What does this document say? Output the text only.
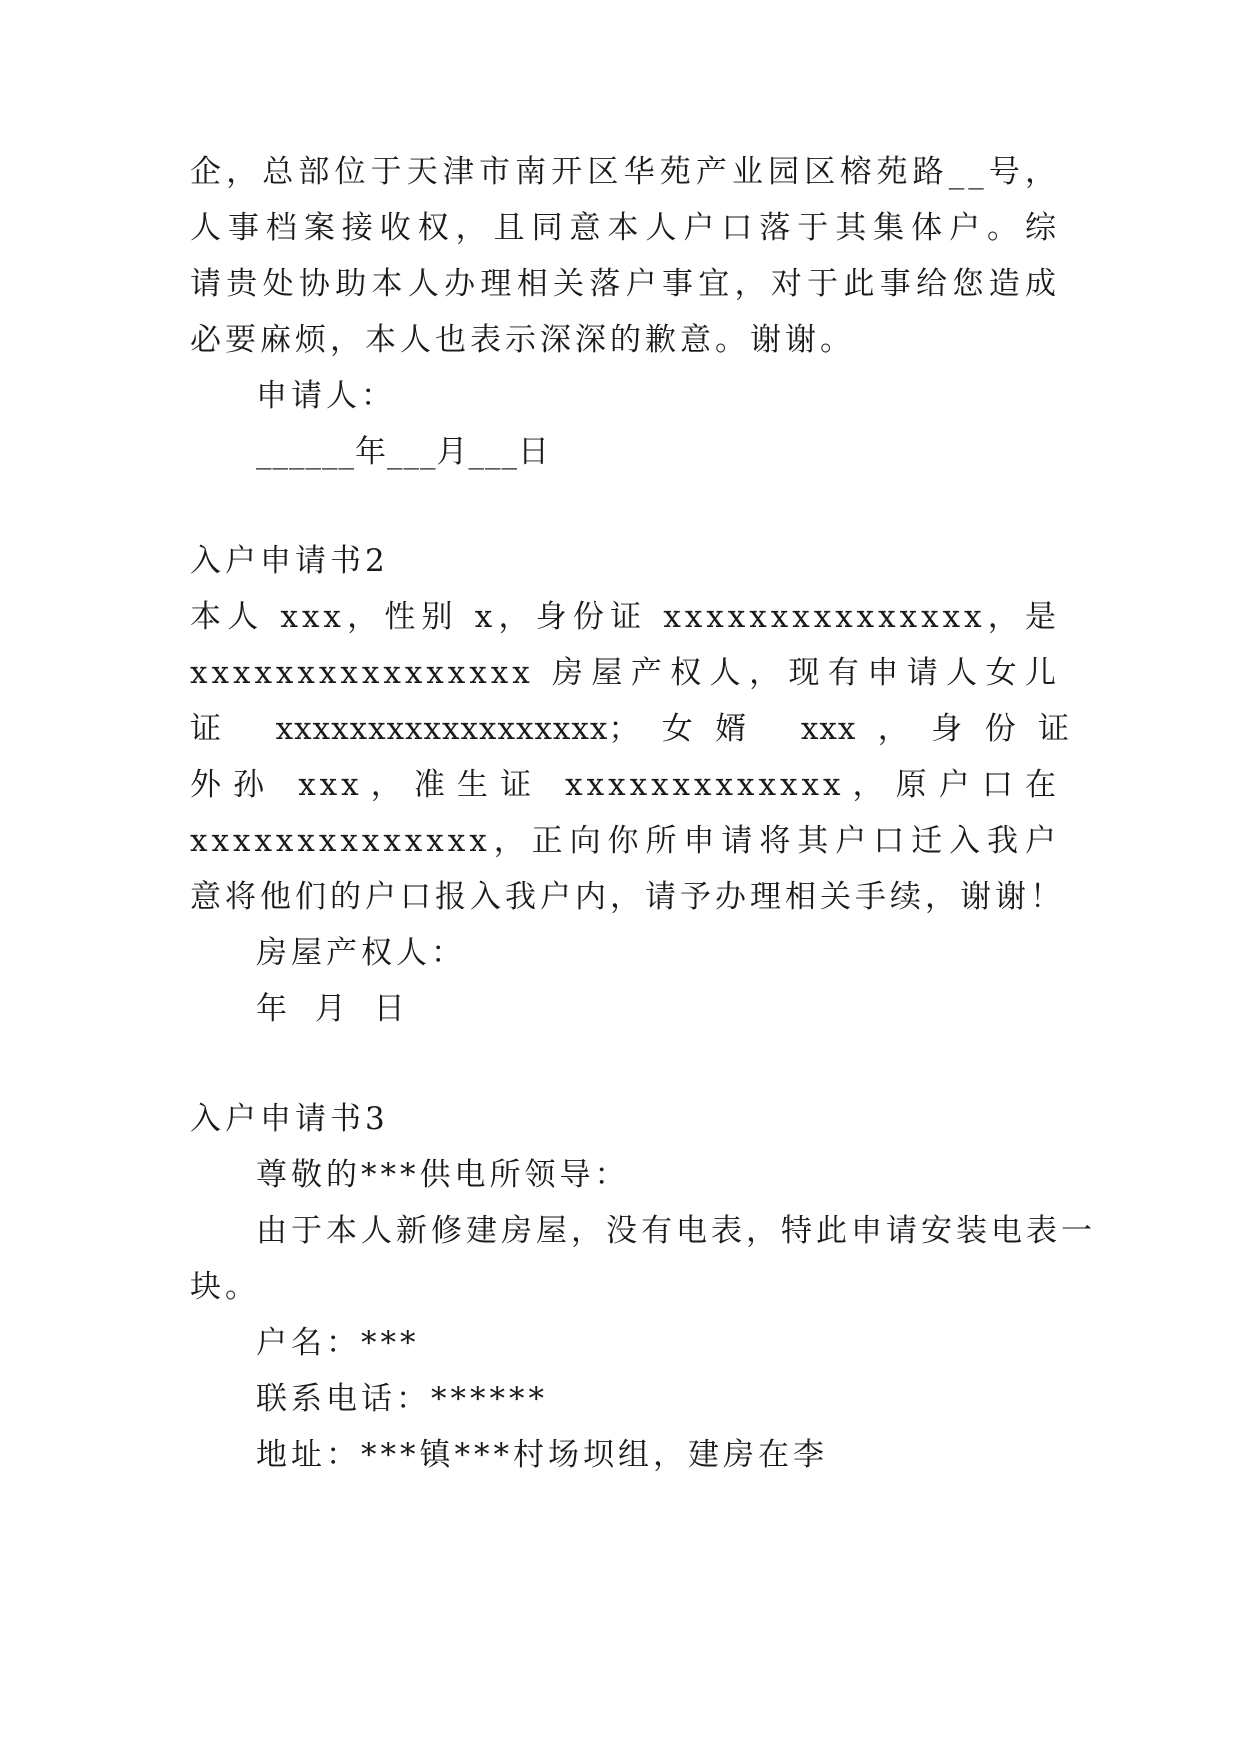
企，总部位于天津市南开区华苑产业园区榕苑路__号，
人事档案接收权，且同意本人户口落于其集体户。综
请贵处协助本人办理相关落户事宜，对于此事给您造成
必要麻烦，本人也表示深深的歉意。谢谢。
申请人：
______年___月___日
入户申请书2
本人 xxx，性别 x，身份证 xxxxxxxxxxxxxxx，是
xxxxxxxxxxxxxxxx 房屋产权人，现有申请人女儿
证 xxxxxxxxxxxxxxxxxx；女婿 xxx，身份证
外孙 xxx，准生证 xxxxxxxxxxxxx，原户口在
xxxxxxxxxxxxxx，正向你所申请将其户口迁入我户
意将他们的户口报入我户内，请予办理相关手续，谢谢！
房屋产权人：
年 月 日
入户申请书3
尊敬的***供电所领导：
由于本人新修建房屋，没有电表，特此申请安装电表一
块。
户名：***
联系电话：******
地址：***镇***村场坝组，建房在李
